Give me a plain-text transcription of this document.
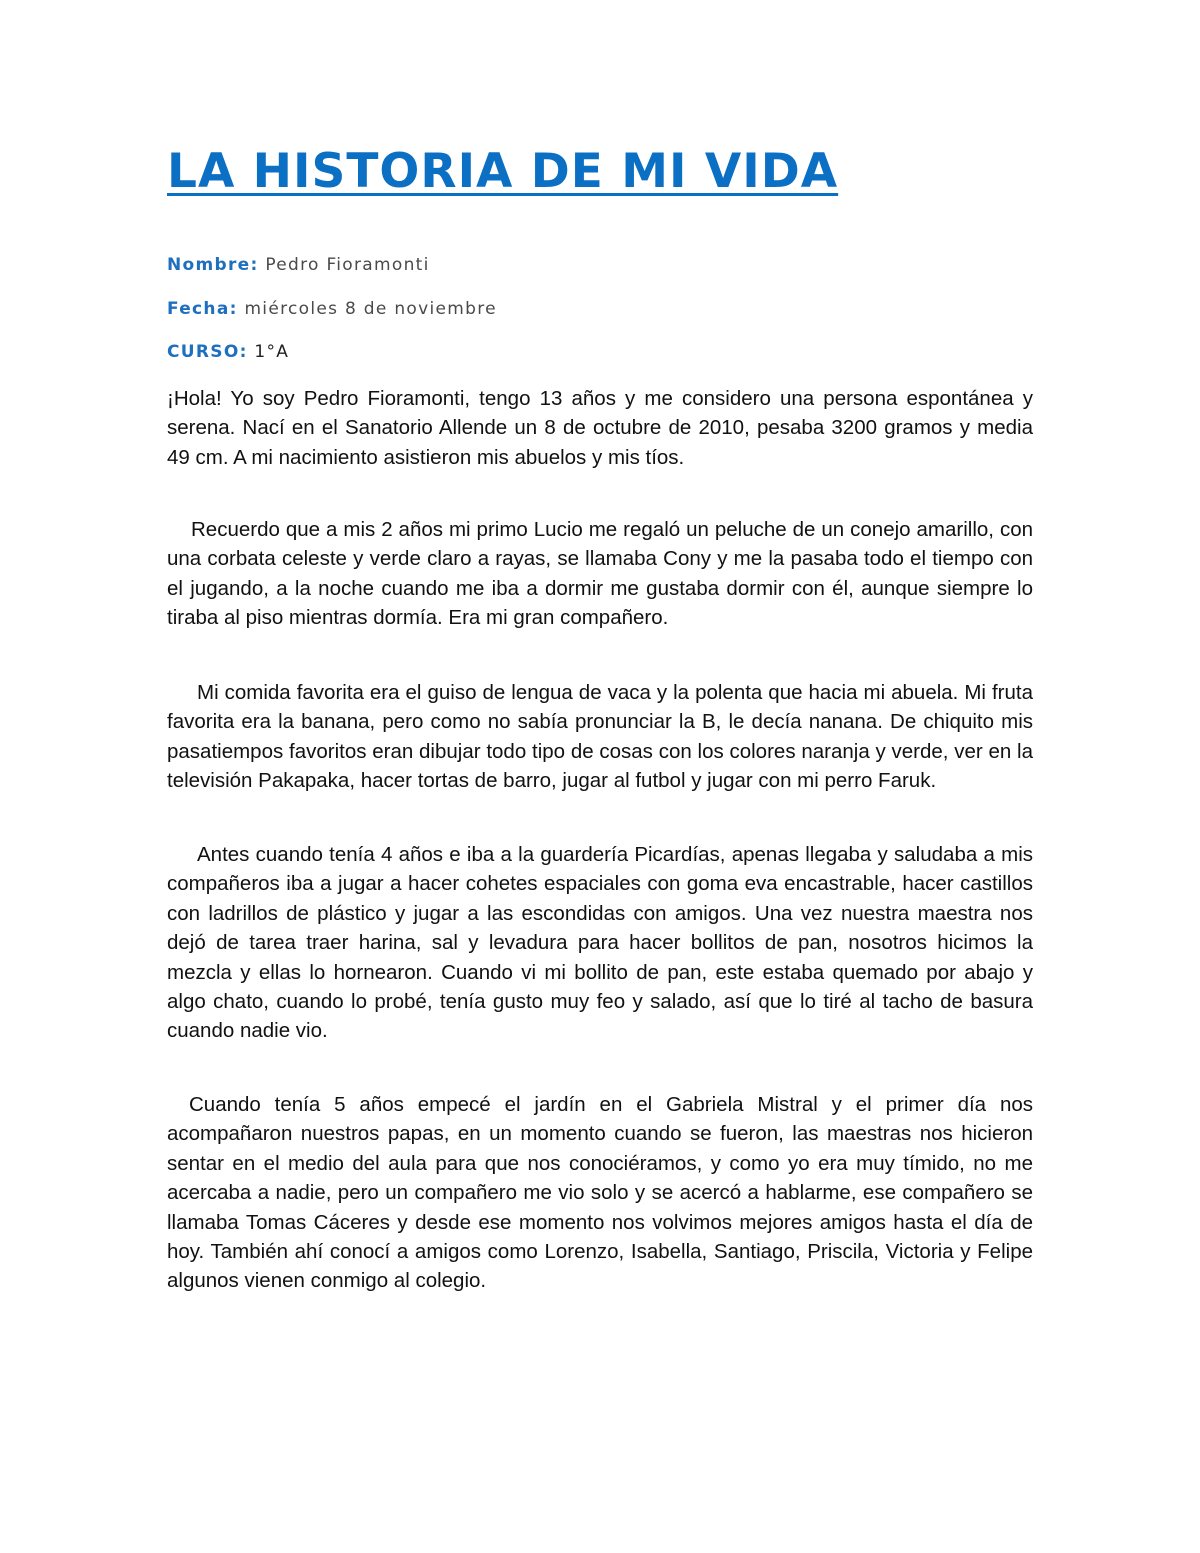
LA HISTORIA DE MI VIDA
Nombre: Pedro Fioramonti
Fecha: miércoles 8 de noviembre
CURSO: 1°A

¡Hola! Yo soy Pedro Fioramonti, tengo 13 años y me considero una persona espontánea y serena. Nací en el Sanatorio Allende un 8 de octubre de 2010, pesaba 3200 gramos y media 49 cm. A mi nacimiento asistieron mis abuelos y mis tíos.

Recuerdo que a mis 2 años mi primo Lucio me regaló un peluche de un conejo amarillo, con una corbata celeste y verde claro a rayas, se llamaba Cony y me la pasaba todo el tiempo con el jugando, a la noche cuando me iba a dormir me gustaba dormir con él, aunque siempre lo tiraba al piso mientras dormía. Era mi gran compañero.

Mi comida favorita era el guiso de lengua de vaca y la polenta que hacia mi abuela. Mi fruta favorita era la banana, pero como no sabía pronunciar la B, le decía nanana. De chiquito mis pasatiempos favoritos eran dibujar todo tipo de cosas con los colores naranja y verde, ver en la televisión Pakapaka, hacer tortas de barro, jugar al futbol y jugar con mi perro Faruk.

Antes cuando tenía 4 años e iba a la guardería Picardías, apenas llegaba y saludaba a mis compañeros iba a jugar a hacer cohetes espaciales con goma eva encastrable, hacer castillos con ladrillos de plástico y jugar a las escondidas con amigos. Una vez nuestra maestra nos dejó de tarea traer harina, sal y levadura para hacer bollitos de pan, nosotros hicimos la mezcla y ellas lo hornearon. Cuando vi mi bollito de pan, este estaba quemado por abajo y algo chato, cuando lo probé, tenía gusto muy feo y salado, así que lo tiré al tacho de basura cuando nadie vio.

Cuando tenía 5 años empecé el jardín en el Gabriela Mistral y el primer día nos acompañaron nuestros papas, en un momento cuando se fueron, las maestras nos hicieron sentar en el medio del aula para que nos conociéramos, y como yo era muy tímido, no me acercaba a nadie, pero un compañero me vio solo y se acercó a hablarme, ese compañero se llamaba Tomas Cáceres y desde ese momento nos volvimos mejores amigos hasta el día de hoy. También ahí conocí a amigos como Lorenzo, Isabella, Santiago, Priscila, Victoria y Felipe algunos vienen conmigo al colegio.
